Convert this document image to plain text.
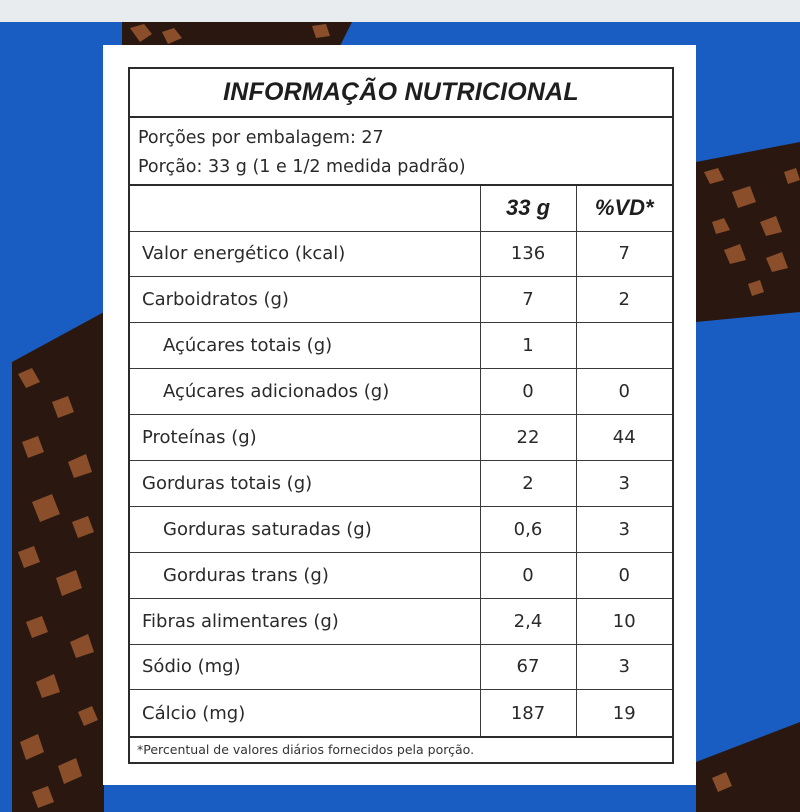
INFORMAÇÃO NUTRICIONAL
Porções por embalagem: 27
Porção: 33 g (1 e 1/2 medida padrão)
	33 g	%VD*
Valor energético (kcal)	136	7
Carboidratos (g)	7	2
Açúcares totais (g)	1	
Açúcares adicionados (g)	0	0
Proteínas (g)	22	44
Gorduras totais (g)	2	3
Gorduras saturadas (g)	0,6	3
Gorduras trans (g)	0	0
Fibras alimentares (g)	2,4	10
Sódio (mg)	67	3
Cálcio (mg)	187	19
*Percentual de valores diários fornecidos pela porção.
